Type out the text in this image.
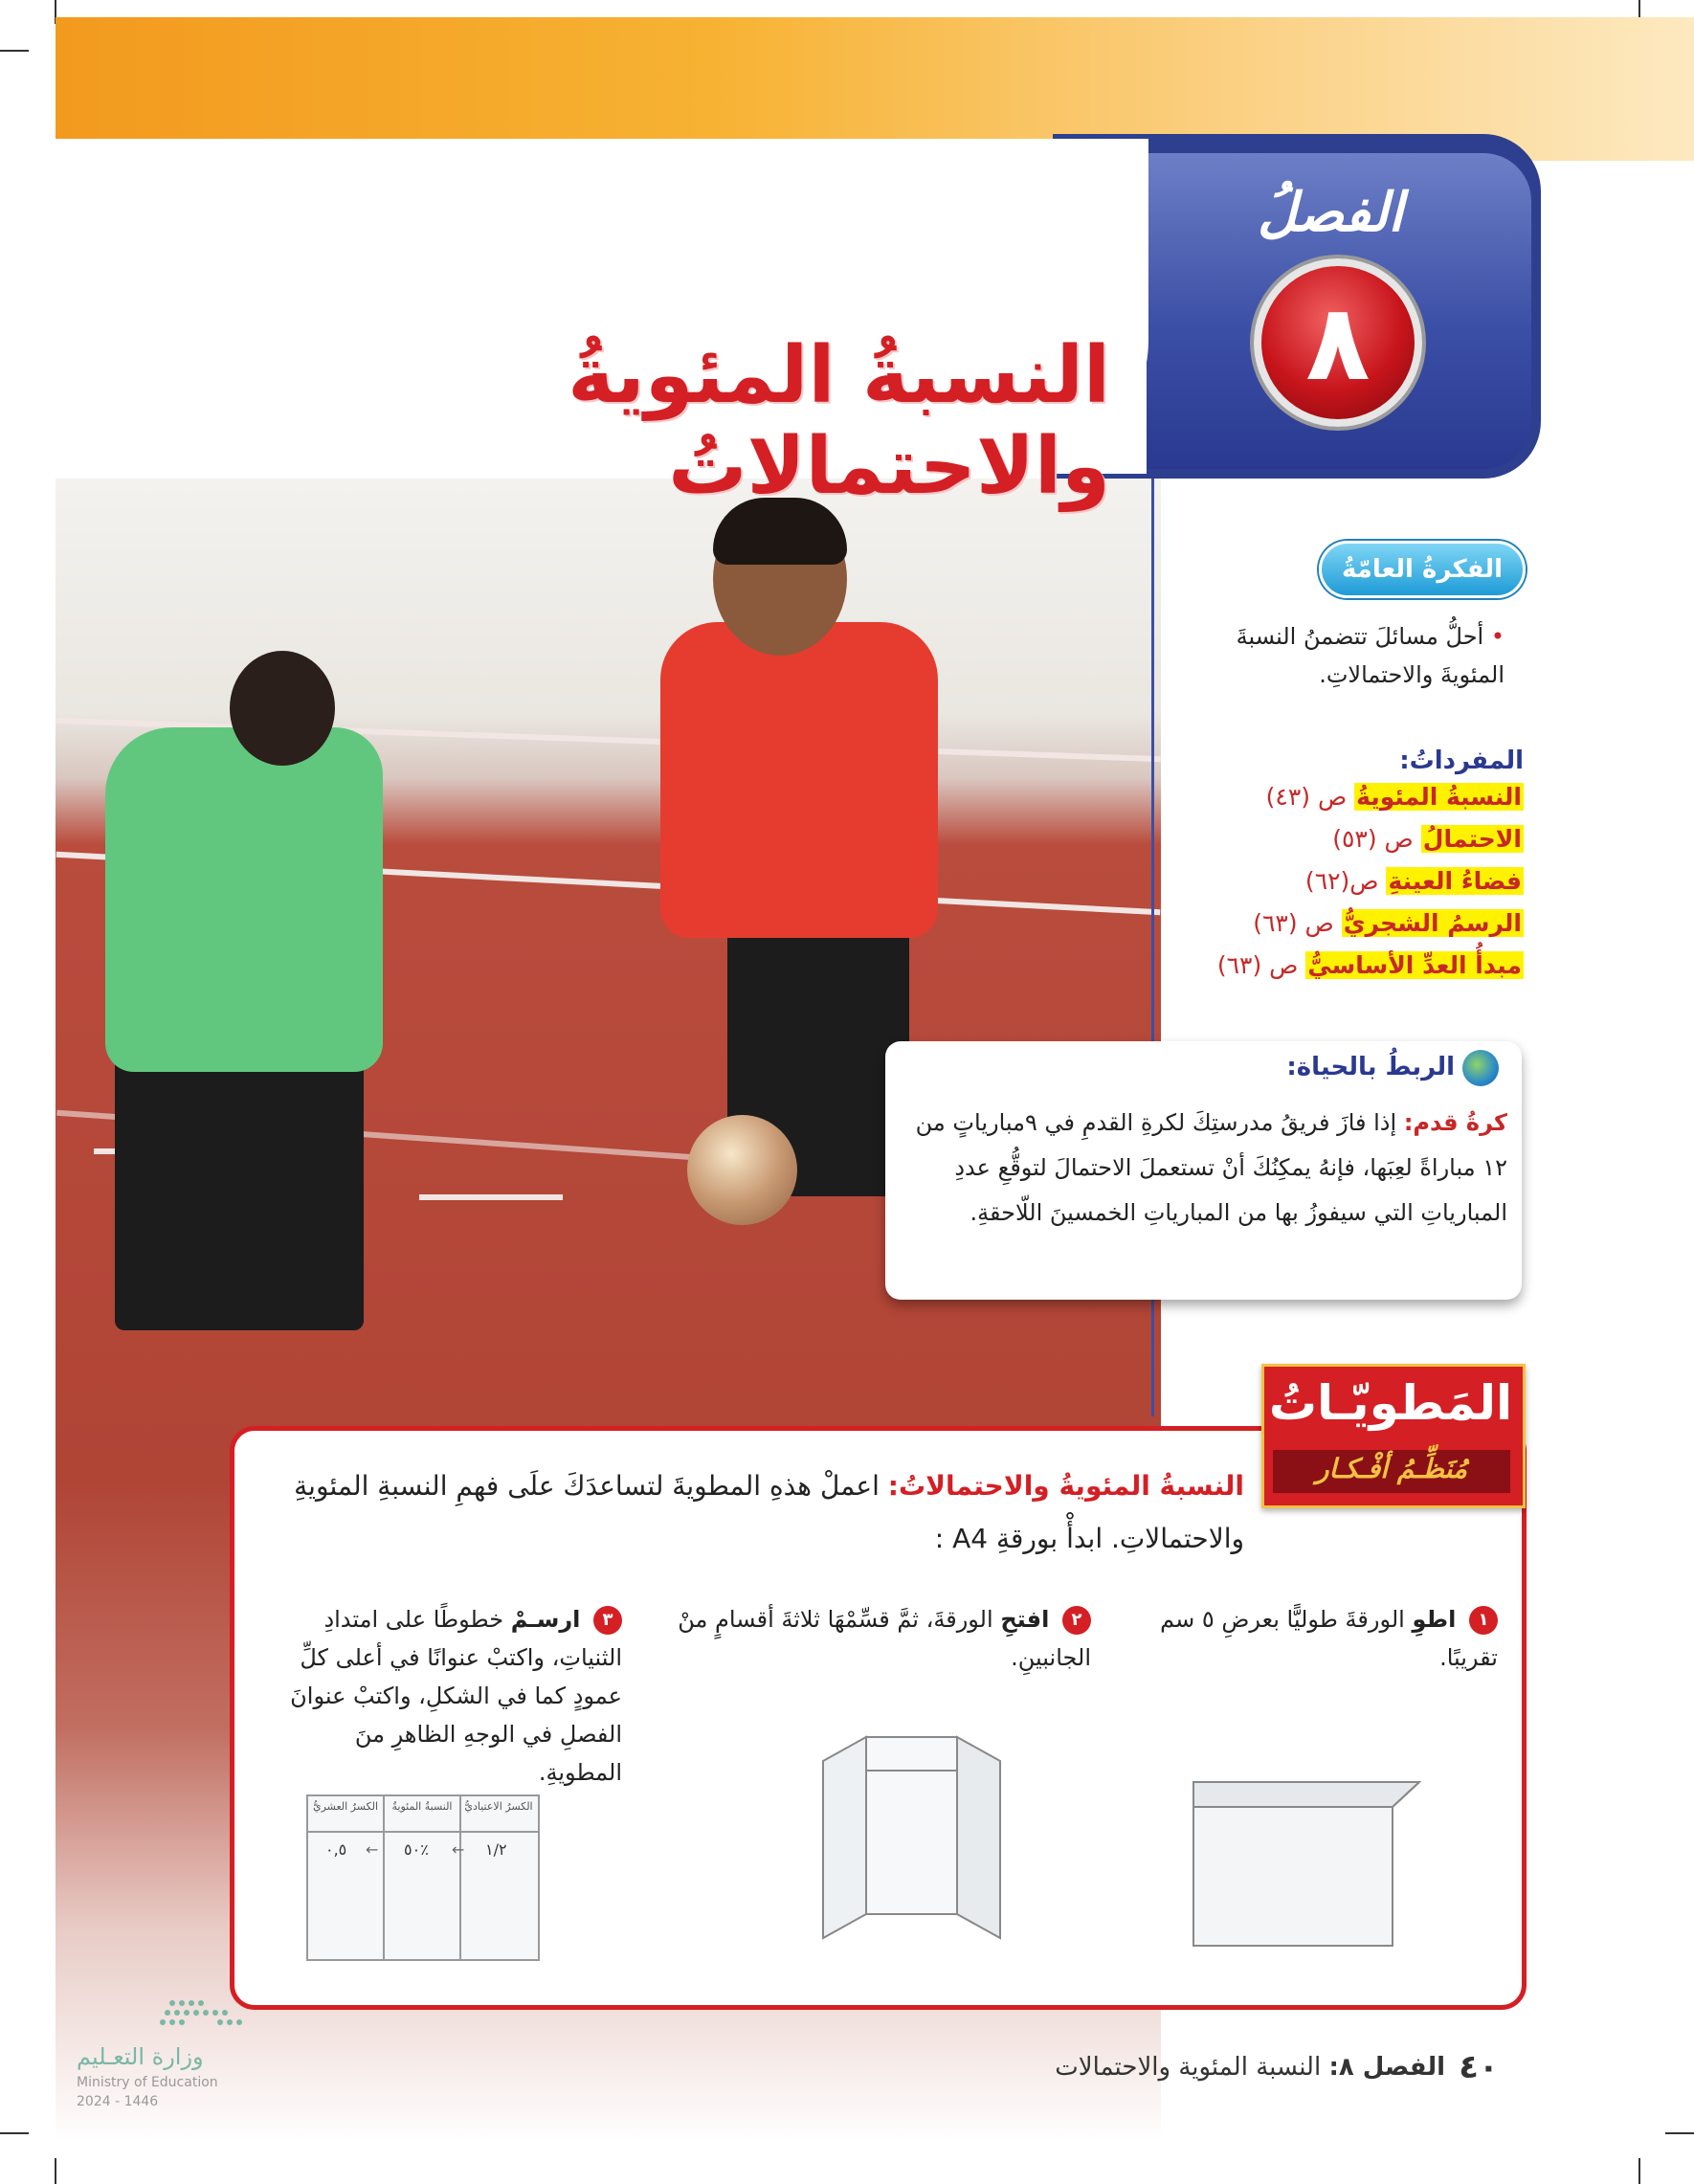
الفصلُ
٨
النسبةُ المئويةُ والاحتمالاتُ
الفكرةُ العامّةُ
• أحلُّ مسائلَ تتضمنُ النسبةَ المئويةَ والاحتمالاتِ.
المفرداتُ:
النسبةُ المئويةُ ص (٤٣)
الاحتمالُ ص (٥٣)
فضاءُ العينةِ ص(٦٢)
الرسمُ الشجريُّ ص (٦٣)
مبدأُ العدِّ الأساسيُّ ص (٦٣)
الربطُ بالحياة:
كرةُ قدم: إذا فازَ فريقُ مدرستِكَ لكرةِ القدمِ في ٩مبارياتٍ من ١٢ مباراةً لعِبَها، فإنهُ يمكِنُكَ أنْ تستعملَ الاحتمالَ لتوقُّعِ عددِ المبارياتِ التي سيفوزُ بها من المبارياتِ الخمسينَ اللّاحقةِ.
المَطويّـاتُ
مُنَظِّـمُ أفْـكـار
النسبةُ المئويةُ والاحتمالاتُ: اعملْ هذهِ المطويةَ لتساعدَكَ علَى فهمِ النسبةِ المئويةِ والاحتمالاتِ. ابدأْ بورقةِ A4 :
١ اطوِ الورقةَ طوليًّا بعرضِ ٥ سم تقريبًا.
٢ افتحِ الورقةَ، ثمَّ قسِّمْهَا ثلاثةَ أقسامٍ منْ الجانبينِ.
٣ ارسـمْ خطوطًا على امتدادِ الثنياتِ، واكتبْ عنوانًا في أعلى كلِّ عمودٍ كما في الشكلِ، واكتبْ عنوانَ الفصلِ في الوجهِ الظاهرِ منَ المطويةِ.
الكسرُ الاعتياديُّ
النسبةُ المئويةُ
الكسرُ العشريُّ
١/٢
٥٠٪
٠,٥	←
←
٤٠
الفصل ٨: النسبة المئوية والاحتمالات
وزارة التعـليم
Ministry of Education
2024 - 1446
